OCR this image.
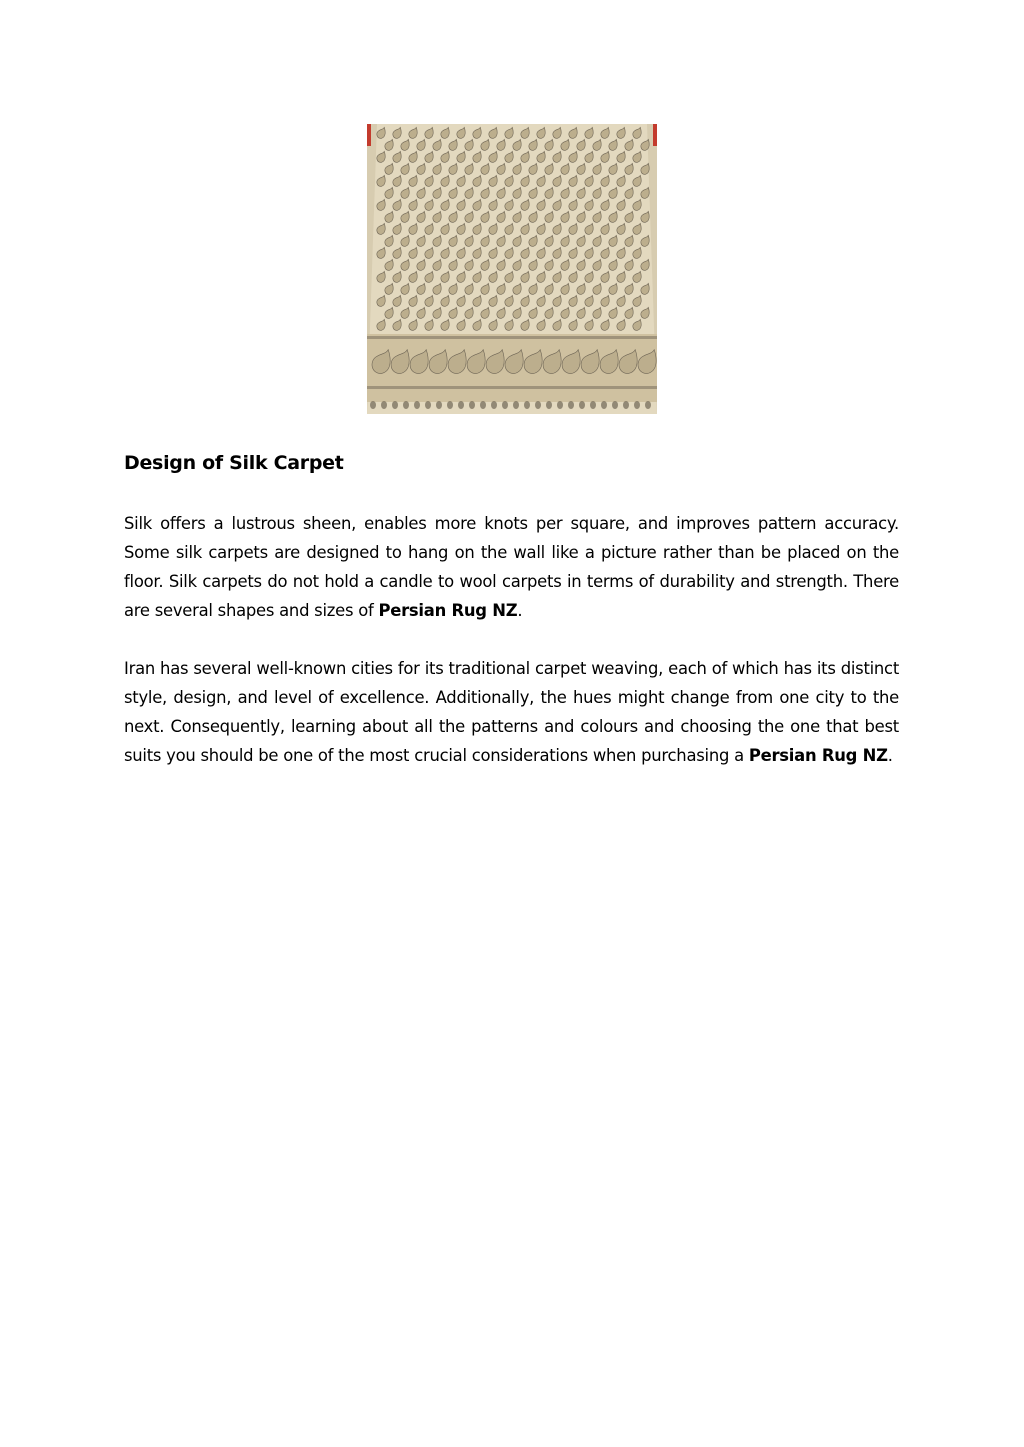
Design of Silk Carpet

Silk offers a lustrous sheen, enables more knots per square, and improves pattern accuracy. Some silk carpets are designed to hang on the wall like a picture rather than be placed on the floor. Silk carpets do not hold a candle to wool carpets in terms of durability and strength. There are several shapes and sizes of Persian Rug NZ.

Iran has several well-known cities for its traditional carpet weaving, each of which has its distinct style, design, and level of excellence. Additionally, the hues might change from one city to the next. Consequently, learning about all the patterns and colours and choosing the one that best suits you should be one of the most crucial considerations when purchasing a Persian Rug NZ.
